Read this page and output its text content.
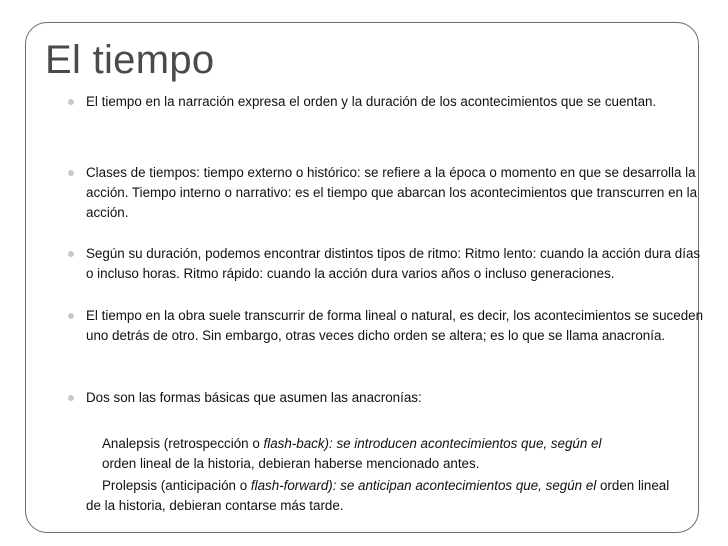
El tiempo
El tiempo en la narración expresa el orden y la duración de los acontecimientos que se cuentan.
Clases de tiempos: tiempo externo o histórico: se refiere a la época o momento en que se desarrolla la acción. Tiempo interno o narrativo: es el tiempo que abarcan los acontecimientos que transcurren en la acción.
Según su duración, podemos encontrar distintos tipos de ritmo: Ritmo lento: cuando la acción dura días o incluso horas. Ritmo rápido: cuando la acción dura varios años o incluso generaciones.
El tiempo en la obra suele transcurrir de forma lineal o natural, es decir, los acontecimientos se suceden uno detrás de otro. Sin embargo, otras veces dicho orden se altera; es lo que se llama anacronía.
Dos son las formas básicas que asumen las anacronías:
Analepsis (retrospección o flash-back): se introducen acontecimientos que, según el
orden lineal de la historia, debieran haberse mencionado antes.
Prolepsis (anticipación o flash-forward): se anticipan acontecimientos que, según el orden lineal
de la historia, debieran contarse más tarde.
